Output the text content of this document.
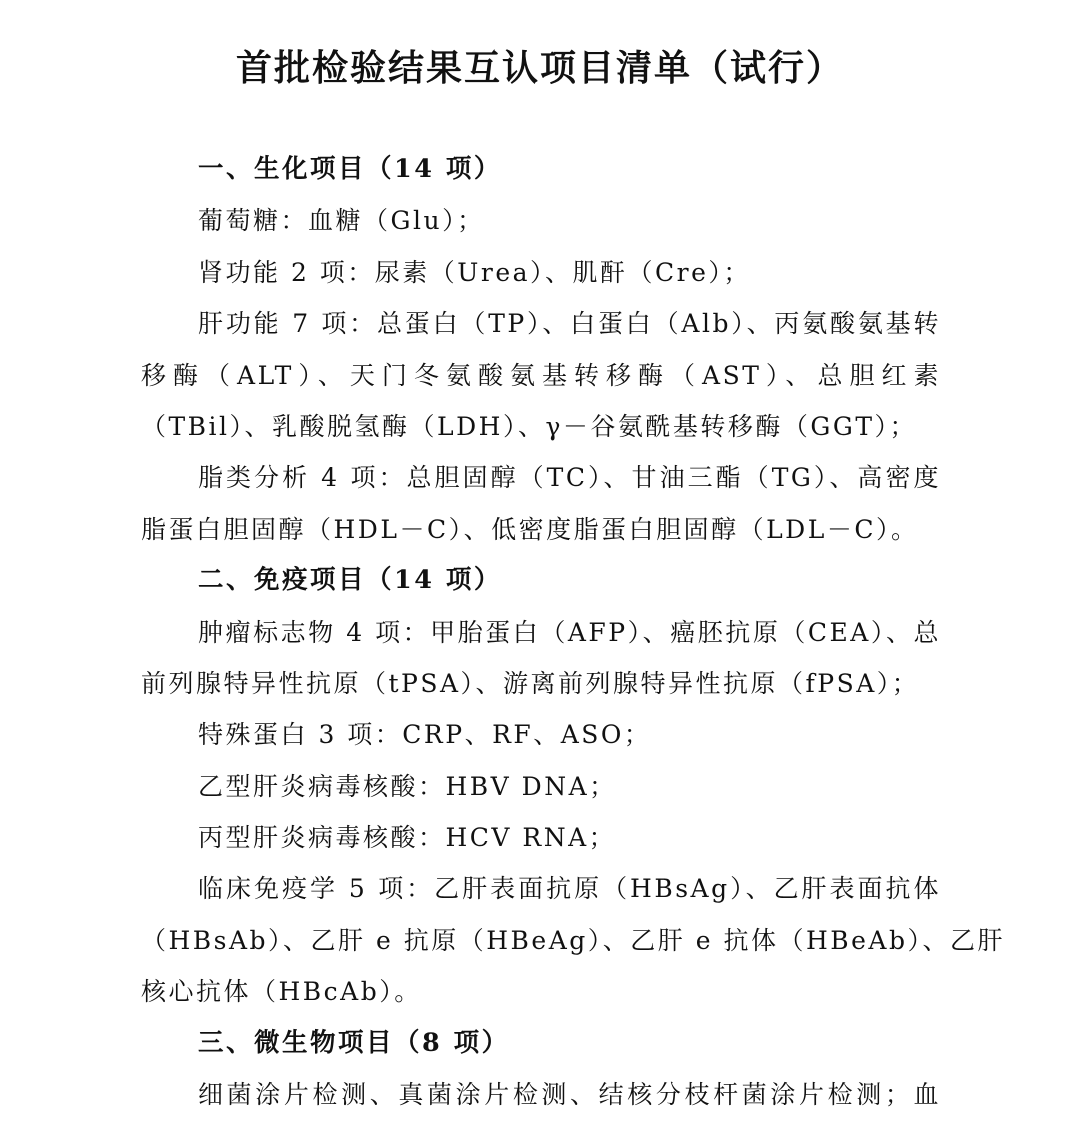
首批检验结果互认项目清单（试行）
一、生化项目（14 项）
葡萄糖：血糖（Glu）；
肾功能 2 项：尿素（Urea）、肌酐（Cre）；
肝功能 7 项：总蛋白（TP）、白蛋白（Alb）、丙氨酸氨基转
移酶（ALT）、天门冬氨酸氨基转移酶（AST）、总胆红素
（TBil）、乳酸脱氢酶（LDH）、γ－谷氨酰基转移酶（GGT）；
脂类分析 4 项：总胆固醇（TC）、甘油三酯（TG）、高密度
脂蛋白胆固醇（HDL－C）、低密度脂蛋白胆固醇（LDL－C）。
二、免疫项目（14 项）
肿瘤标志物 4 项：甲胎蛋白（AFP）、癌胚抗原（CEA）、总
前列腺特异性抗原（tPSA）、游离前列腺特异性抗原（fPSA）；
特殊蛋白 3 项：CRP、RF、ASO；
乙型肝炎病毒核酸：HBV DNA；
丙型肝炎病毒核酸：HCV RNA；
临床免疫学 5 项：乙肝表面抗原（HBsAg）、乙肝表面抗体
（HBsAb）、乙肝 e 抗原（HBeAg）、乙肝 e 抗体（HBeAb）、乙肝
核心抗体（HBcAb）。
三、微生物项目（8 项）
细菌涂片检测、真菌涂片检测、结核分枝杆菌涂片检测；血
